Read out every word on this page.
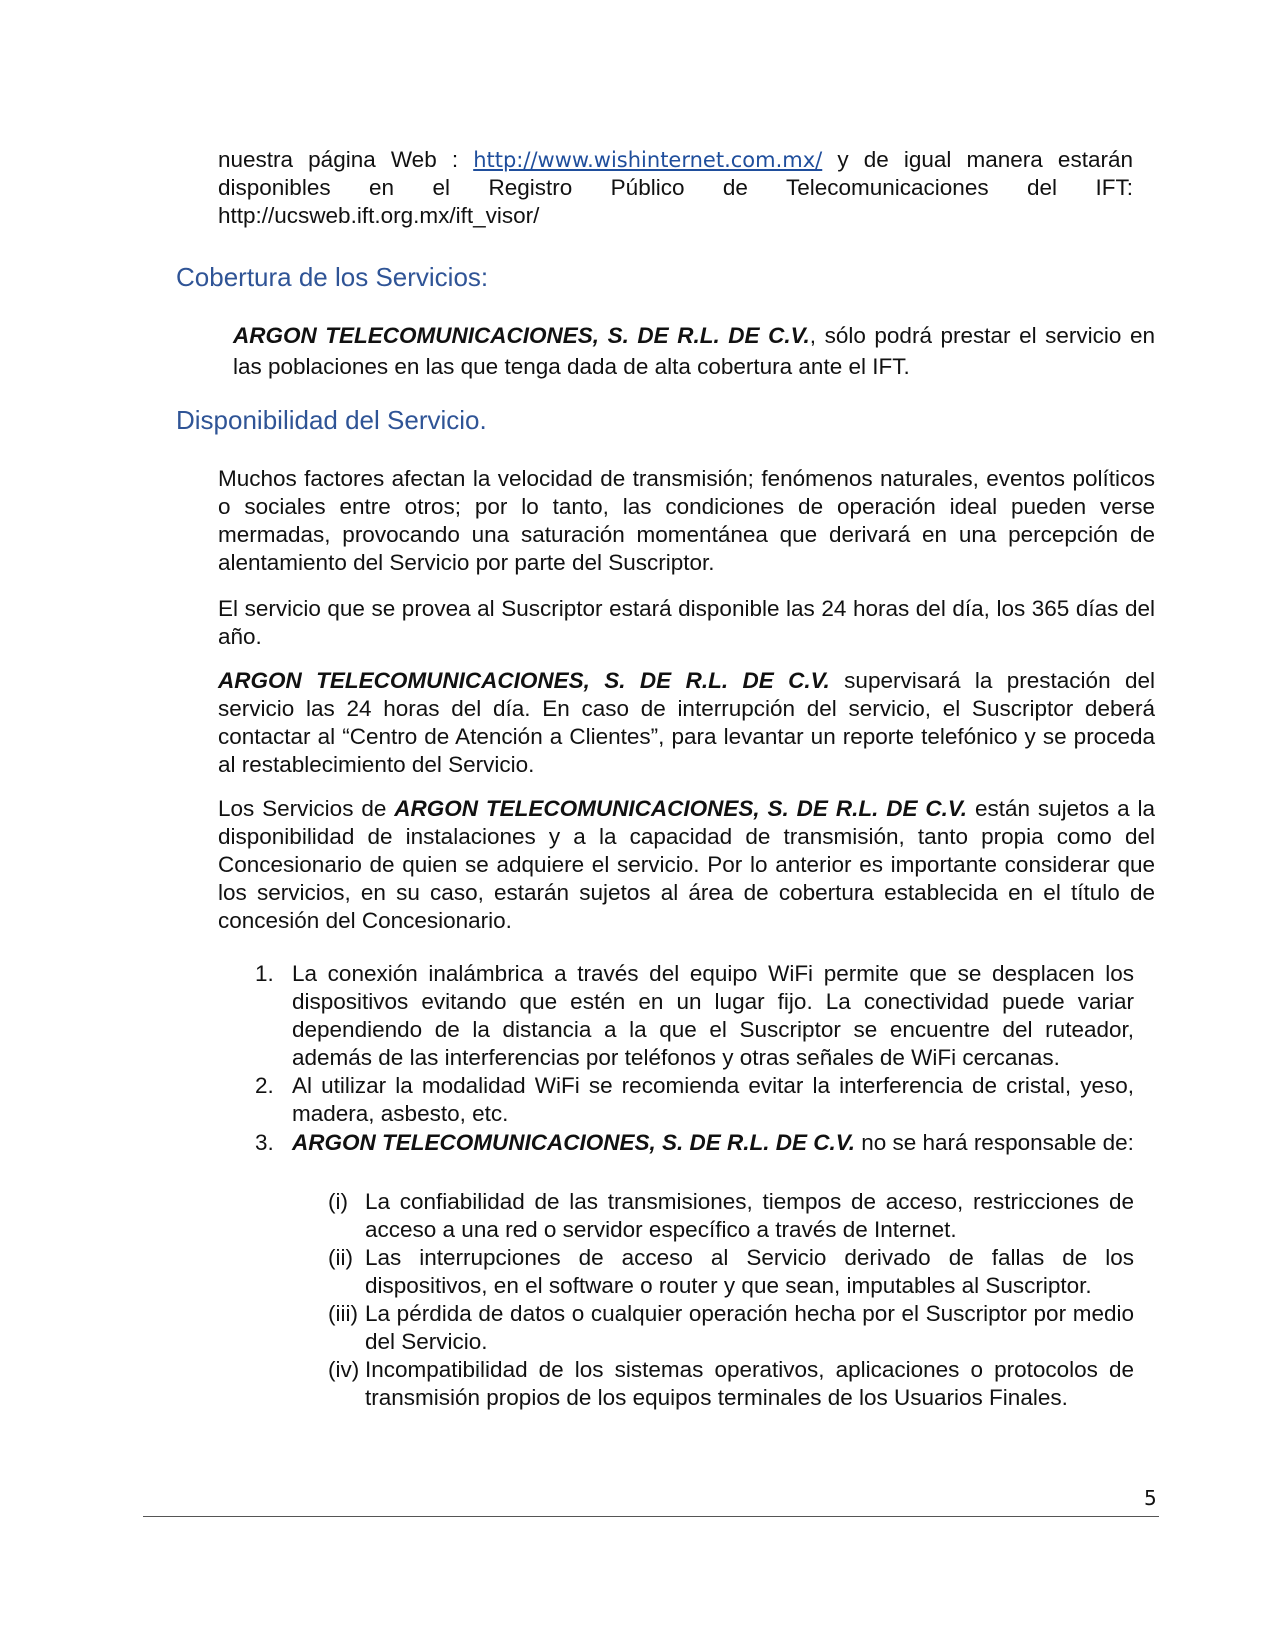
nuestra página Web : http://www.wishinternet.com.mx/ y de igual manera estarán disponibles en el Registro Público de Telecomunicaciones del IFT: http://ucsweb.ift.org.mx/ift_visor/

Cobertura de los Servicios:

ARGON TELECOMUNICACIONES, S. DE R.L. DE C.V., sólo podrá prestar el servicio en las poblaciones en las que tenga dada de alta cobertura ante el IFT.

Disponibilidad del Servicio.

Muchos factores afectan la velocidad de transmisión; fenómenos naturales, eventos políticos o sociales entre otros; por lo tanto, las condiciones de operación ideal pueden verse mermadas, provocando una saturación momentánea que derivará en una percepción de alentamiento del Servicio por parte del Suscriptor.

El servicio que se provea al Suscriptor estará disponible las 24 horas del día, los 365 días del año.

ARGON TELECOMUNICACIONES, S. DE R.L. DE C.V. supervisará la prestación del servicio las 24 horas del día. En caso de interrupción del servicio, el Suscriptor deberá contactar al “Centro de Atención a Clientes”, para levantar un reporte telefónico y se proceda al restablecimiento del Servicio.

Los Servicios de ARGON TELECOMUNICACIONES, S. DE R.L. DE C.V. están sujetos a la disponibilidad de instalaciones y a la capacidad de transmisión, tanto propia como del Concesionario de quien se adquiere el servicio. Por lo anterior es importante considerar que los servicios, en su caso, estarán sujetos al área de cobertura establecida en el título de concesión del Concesionario.

1. La conexión inalámbrica a través del equipo WiFi permite que se desplacen los dispositivos evitando que estén en un lugar fijo. La conectividad puede variar dependiendo de la distancia a la que el Suscriptor se encuentre del ruteador, además de las interferencias por teléfonos y otras señales de WiFi cercanas.

2. Al utilizar la modalidad WiFi se recomienda evitar la interferencia de cristal, yeso, madera, asbesto, etc.

3. ARGON TELECOMUNICACIONES, S. DE R.L. DE C.V. no se hará responsable de:

(i) La confiabilidad de las transmisiones, tiempos de acceso, restricciones de acceso a una red o servidor específico a través de Internet.

(ii) Las interrupciones de acceso al Servicio derivado de fallas de los dispositivos, en el software o router y que sean, imputables al Suscriptor.

(iii) La pérdida de datos o cualquier operación hecha por el Suscriptor por medio del Servicio.

(iv) Incompatibilidad de los sistemas operativos, aplicaciones o protocolos de transmisión propios de los equipos terminales de los Usuarios Finales.

5
